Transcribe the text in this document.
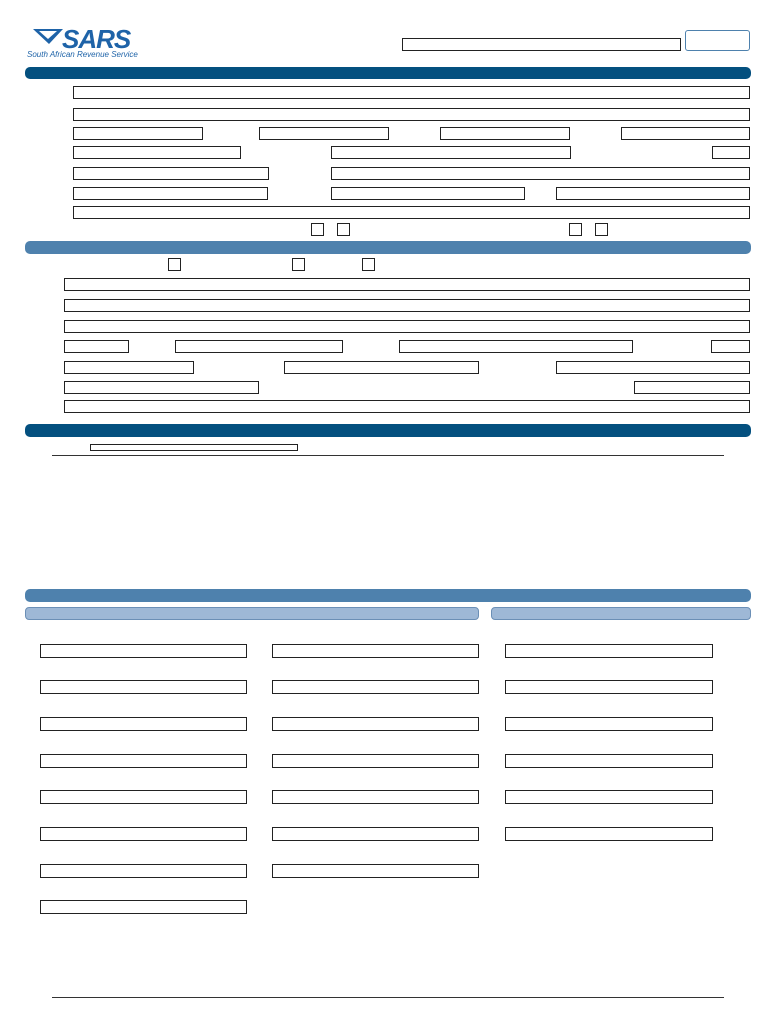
SARS
South African Revenue Service
